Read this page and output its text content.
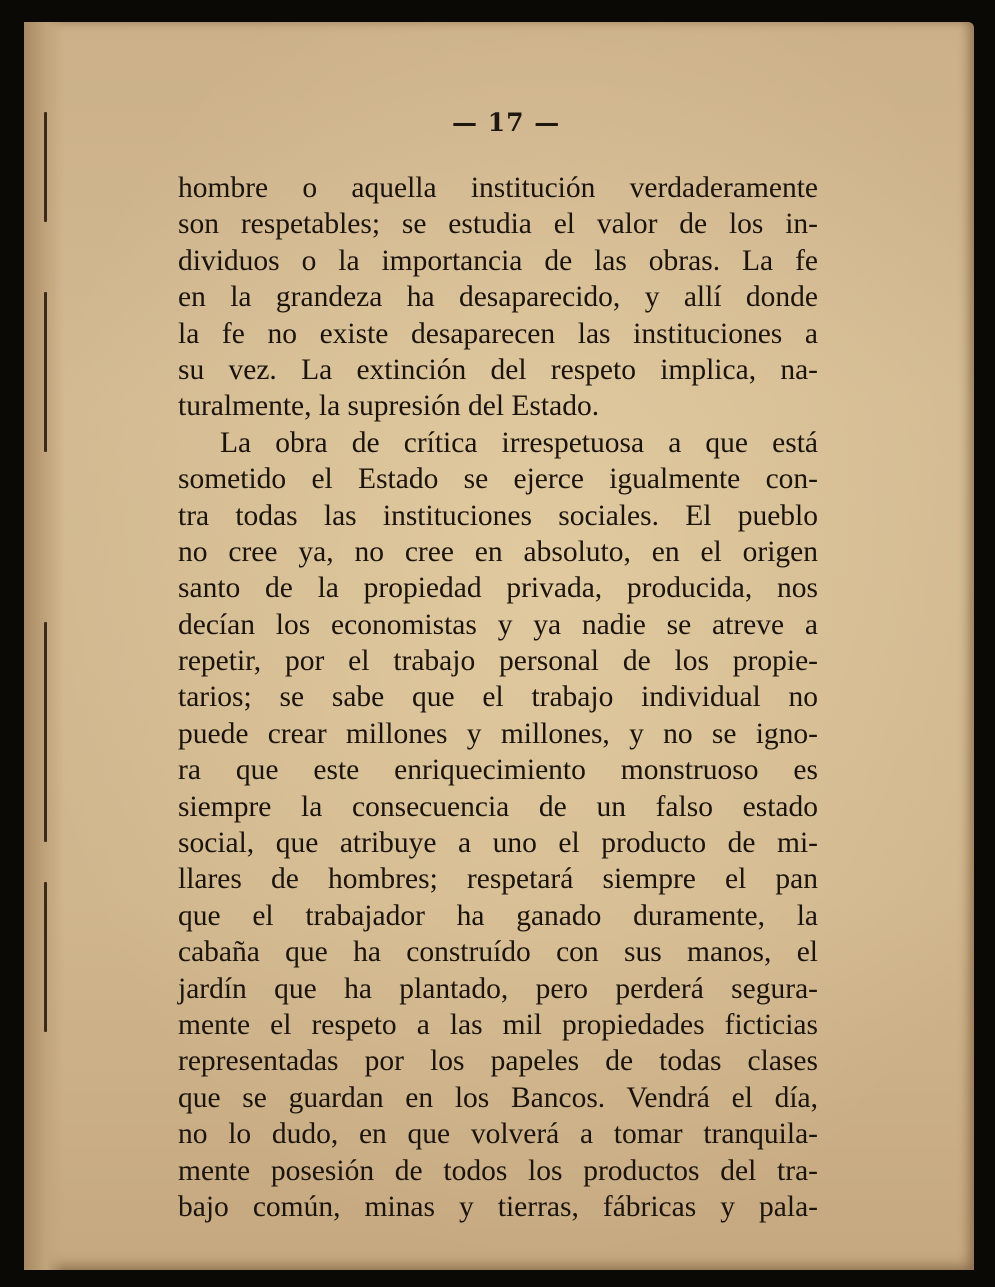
— 17 —
hombre o aquella institución verdaderamente
son respetables; se estudia el valor de los in-
dividuos o la importancia de las obras. La fe
en la grandeza ha desaparecido, y allí donde
la fe no existe desaparecen las instituciones a
su vez. La extinción del respeto implica, na-
turalmente, la supresión del Estado.
La obra de crítica irrespetuosa a que está
sometido el Estado se ejerce igualmente con-
tra todas las instituciones sociales. El pueblo
no cree ya, no cree en absoluto, en el origen
santo de la propiedad privada, producida, nos
decían los economistas y ya nadie se atreve a
repetir, por el trabajo personal de los propie-
tarios; se sabe que el trabajo individual no
puede crear millones y millones, y no se igno-
ra que este enriquecimiento monstruoso es
siempre la consecuencia de un falso estado
social, que atribuye a uno el producto de mi-
llares de hombres; respetará siempre el pan
que el trabajador ha ganado duramente, la
cabaña que ha construído con sus manos, el
jardín que ha plantado, pero perderá segura-
mente el respeto a las mil propiedades ficticias
representadas por los papeles de todas clases
que se guardan en los Bancos. Vendrá el día,
no lo dudo, en que volverá a tomar tranquila-
mente posesión de todos los productos del tra-
bajo común, minas y tierras, fábricas y pala-
